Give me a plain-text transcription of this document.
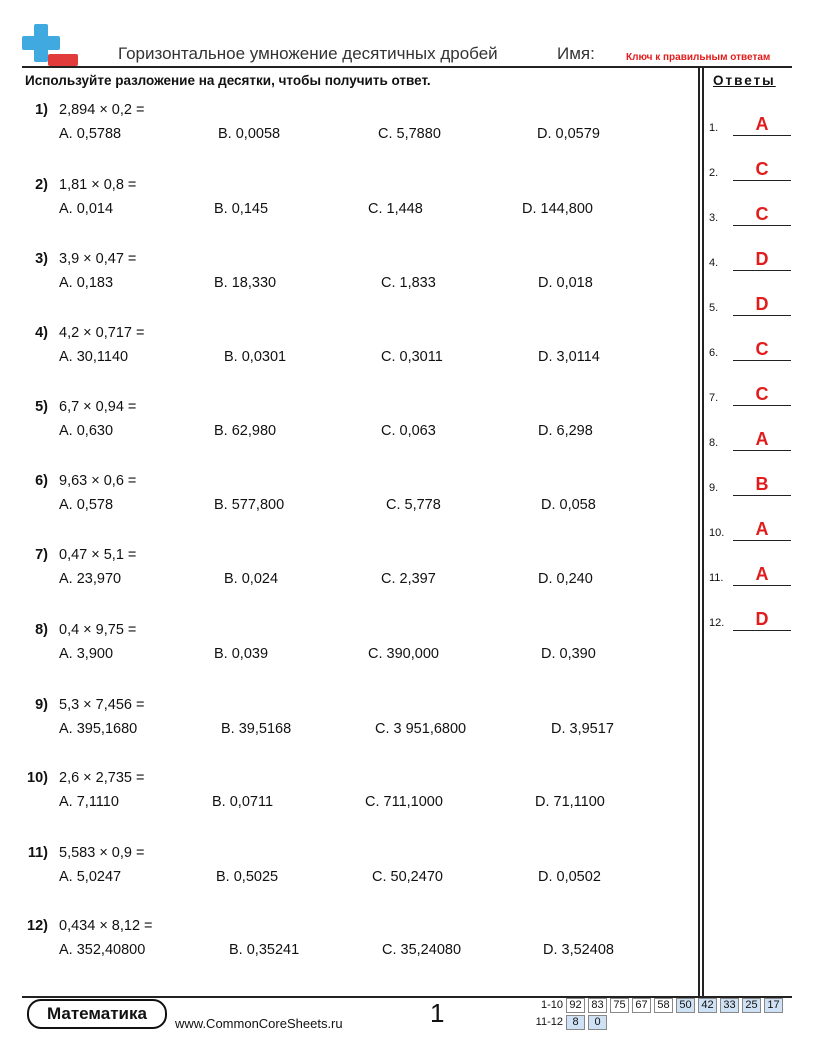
Горизонтальное умножение десятичных дробей	Имя:	Ключ к правильным ответам
Используйте разложение на десятки, чтобы получить ответ.	Ответы
1) 2,894 × 0,2 =
A. 0,5788	B. 0,0058	C. 5,7880	D. 0,0579
2) 1,81 × 0,8 =
A. 0,014	B. 0,145	C. 1,448	D. 144,800
3) 3,9 × 0,47 =
A. 0,183	B. 18,330	C. 1,833	D. 0,018
4) 4,2 × 0,717 =
A. 30,1140	B. 0,0301	C. 0,3011	D. 3,0114
5) 6,7 × 0,94 =
A. 0,630	B. 62,980	C. 0,063	D. 6,298
6) 9,63 × 0,6 =
A. 0,578	B. 577,800	C. 5,778	D. 0,058
7) 0,47 × 5,1 =
A. 23,970	B. 0,024	C. 2,397	D. 0,240
8) 0,4 × 9,75 =
A. 3,900	B. 0,039	C. 390,000	D. 0,390
9) 5,3 × 7,456 =
A. 395,1680	B. 39,5168	C. 3 951,6800	D. 3,9517
10) 2,6 × 2,735 =
A. 7,1110	B. 0,0711	C. 711,1000	D. 71,1100
11) 5,583 × 0,9 =
A. 5,0247	B. 0,5025	C. 50,2470	D. 0,0502
12) 0,434 × 8,12 =
A. 352,40800	B. 0,35241	C. 35,24080	D. 3,52408
1.	A
2.	C
3.	C
4.	D
5.	D
6.	C
7.	C
8.	A
9.	B
10.	A
11.	A
12.	D
Математика
www.CommonCoreSheets.ru	1	1-10 92 83 75 67 58 50 42 33 25 17
11-12 8	0
